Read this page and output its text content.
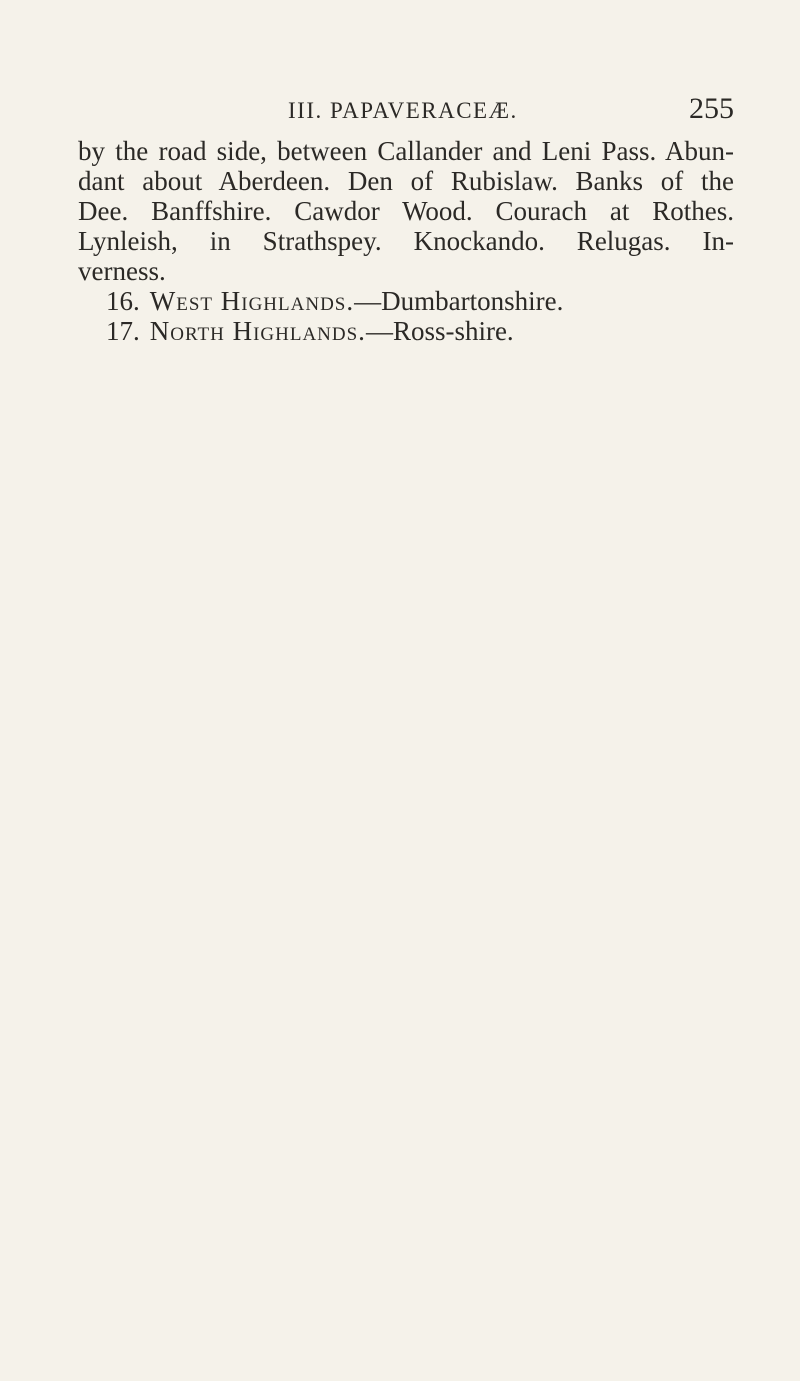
III. PAPAVERACEÆ.	255
by the road side, between Callander and Leni Pass. Abun-
dant about Aberdeen. Den of Rubislaw. Banks of the
Dee. Banffshire. Cawdor Wood. Courach at Rothes.
Lynleish, in Strathspey. Knockando. Relugas. In-
verness.
16. West Highlands.—Dumbartonshire.
17. North Highlands.—Ross-shire.
